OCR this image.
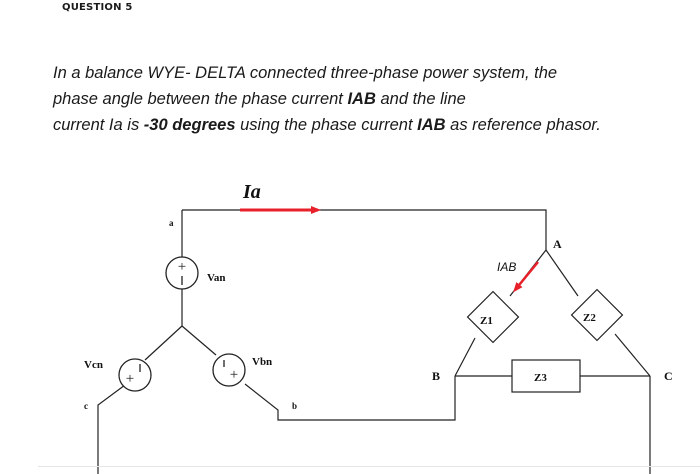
QUESTION 5
In a balance WYE- DELTA connected three-phase power system, the
phase angle between the phase current IAB and the line
current Ia is -30 degrees using the phase current IAB as reference phasor.
+
+	+
Ia
IAB
a
b
c
A
B	C
Van
Vbn
Vcn
Z1	Z2
Z3
